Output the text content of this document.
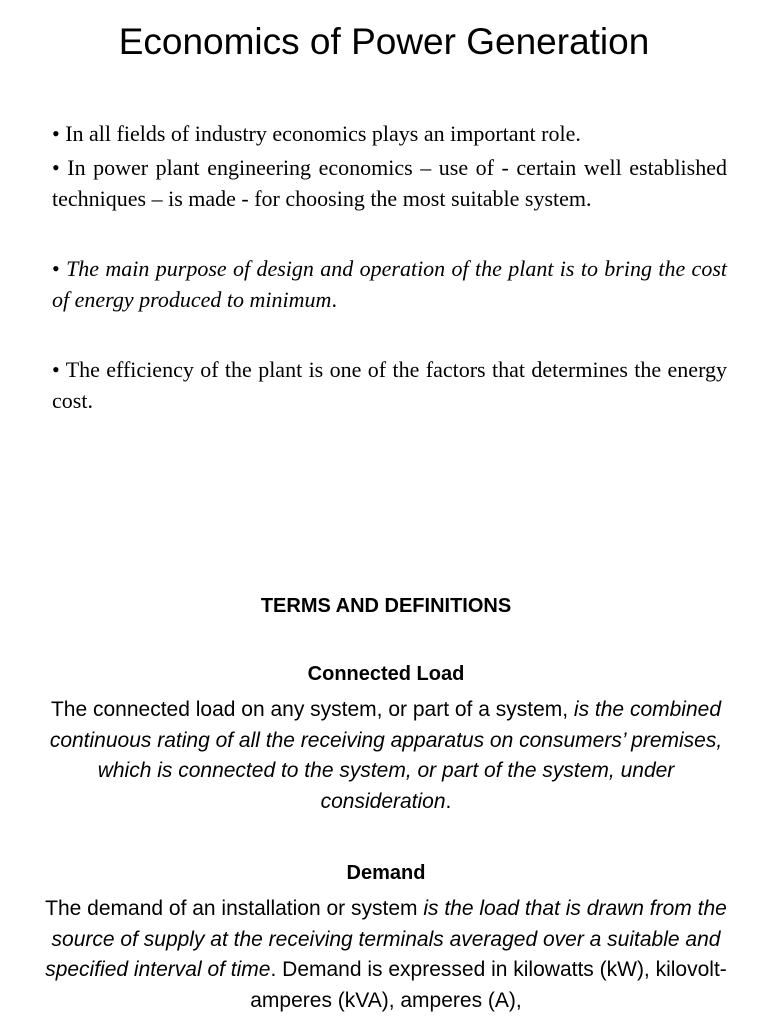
Economics of Power Generation

• In all fields of industry economics plays an important role.

• In power plant engineering economics – use of - certain well established techniques – is made - for choosing the most suitable system.

• The main purpose of design and operation of the plant is to bring the cost of energy produced to minimum.

• The efficiency of the plant is one of the factors that determines the energy cost.

TERMS AND DEFINITIONS
Connected Load

The connected load on any system, or part of a system, is the combined continuous rating of all the receiving apparatus on consumers’ premises, which is connected to the system, or part of the system, under consideration.

Demand

The demand of an installation or system is the load that is drawn from the source of supply at the receiving terminals averaged over a suitable and specified interval of time. Demand is expressed in kilowatts (kW), kilovolt-amperes (kVA), amperes (A),
